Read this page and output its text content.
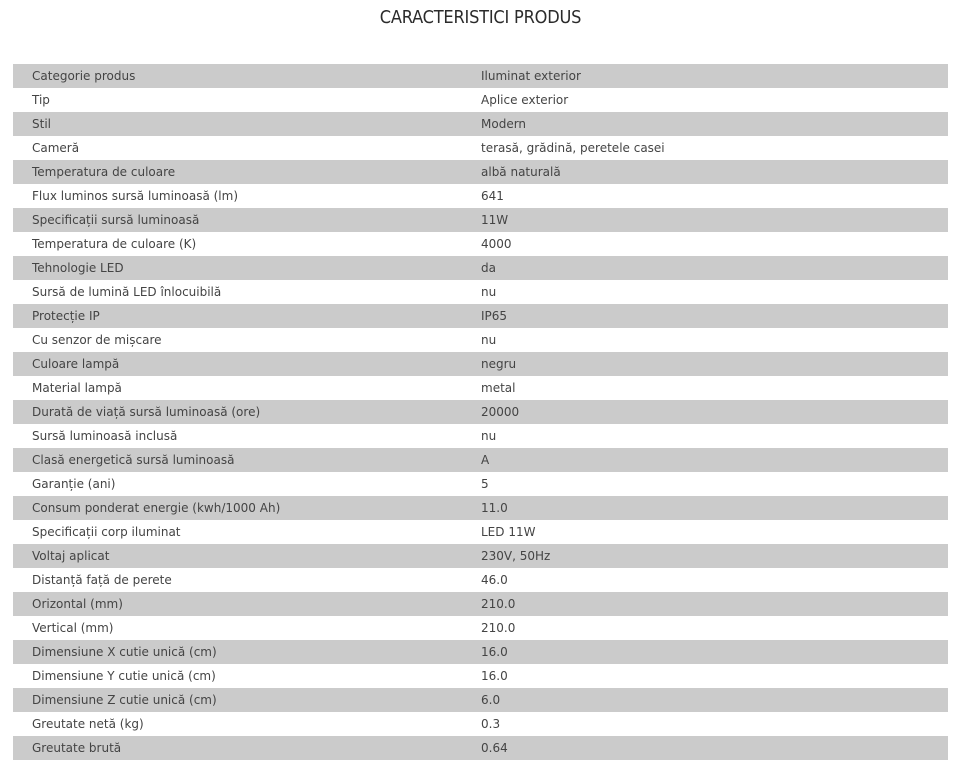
CARACTERISTICI PRODUS
Categorie produs	Iluminat exterior
Tip	Aplice exterior
Stil	Modern
Cameră	terasă, grădină, peretele casei
Temperatura de culoare	albă naturală
Flux luminos sursă luminoasă (lm)	641
Specificații sursă luminoasă	11W
Temperatura de culoare (K)	4000
Tehnologie LED	da
Sursă de lumină LED înlocuibilă	nu
Protecție IP	IP65
Cu senzor de mișcare	nu
Culoare lampă	negru
Material lampă	metal
Durată de viață sursă luminoasă (ore)	20000
Sursă luminoasă inclusă	nu
Clasă energetică sursă luminoasă	A
Garanție (ani)	5
Consum ponderat energie (kwh/1000 Ah)	11.0
Specificații corp iluminat	LED 11W
Voltaj aplicat	230V, 50Hz
Distanță față de perete	46.0
Orizontal (mm)	210.0
Vertical (mm)	210.0
Dimensiune X cutie unică (cm)	16.0
Dimensiune Y cutie unică (cm)	16.0
Dimensiune Z cutie unică (cm)	6.0
Greutate netă (kg)	0.3
Greutate brută	0.64
